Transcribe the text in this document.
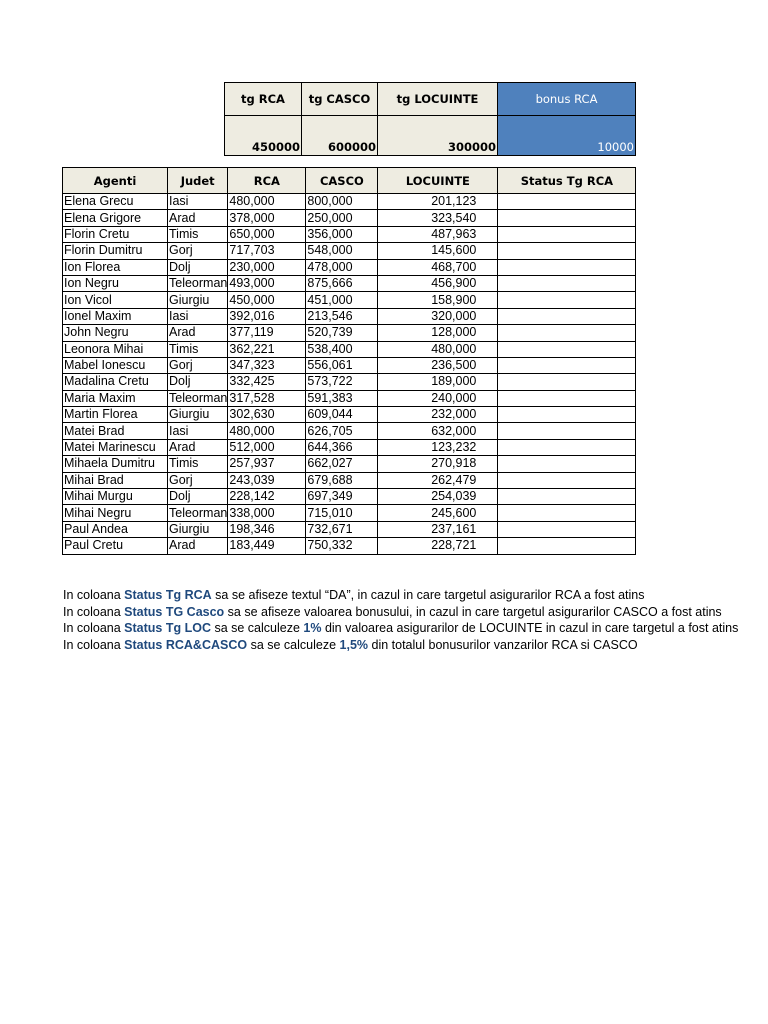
tg RCA	tg CASCO	tg LOCUINTE	bonus RCA
450000	600000	300000	10000
Agenti	Judet	RCA	CASCO	LOCUINTE	Status Tg RCA
Elena Grecu	Iasi	480,000	800,000	201,123	
Elena Grigore	Arad	378,000	250,000	323,540	
Florin Cretu	Timis	650,000	356,000	487,963	
Florin Dumitru	Gorj	717,703	548,000	145,600	
Ion Florea	Dolj	230,000	478,000	468,700	
Ion Negru	Teleorman	493,000	875,666	456,900	
Ion Vicol	Giurgiu	450,000	451,000	158,900	
Ionel Maxim	Iasi	392,016	213,546	320,000	
John Negru	Arad	377,119	520,739	128,000	
Leonora Mihai	Timis	362,221	538,400	480,000	
Mabel Ionescu	Gorj	347,323	556,061	236,500	
Madalina Cretu	Dolj	332,425	573,722	189,000	
Maria Maxim	Teleorman	317,528	591,383	240,000	
Martin Florea	Giurgiu	302,630	609,044	232,000	
Matei Brad	Iasi	480,000	626,705	632,000	
Matei Marinescu	Arad	512,000	644,366	123,232	
Mihaela Dumitru	Timis	257,937	662,027	270,918	
Mihai Brad	Gorj	243,039	679,688	262,479	
Mihai Murgu	Dolj	228,142	697,349	254,039	
Mihai Negru	Teleorman	338,000	715,010	245,600	
Paul Andea	Giurgiu	198,346	732,671	237,161	
Paul Cretu	Arad	183,449	750,332	228,721	
In coloana Status Tg RCA sa se afiseze textul “DA”, in cazul in care targetul asigurarilor RCA a fost atins
In coloana Status TG Casco sa se afiseze valoarea bonusului, in cazul in care targetul asigurarilor CASCO a fost atins
In coloana Status Tg LOC sa se calculeze 1% din valoarea asigurarilor de LOCUINTE in cazul in care targetul a fost atins
In coloana Status RCA&CASCO sa se calculeze 1,5% din totalul bonusurilor vanzarilor RCA si CASCO
